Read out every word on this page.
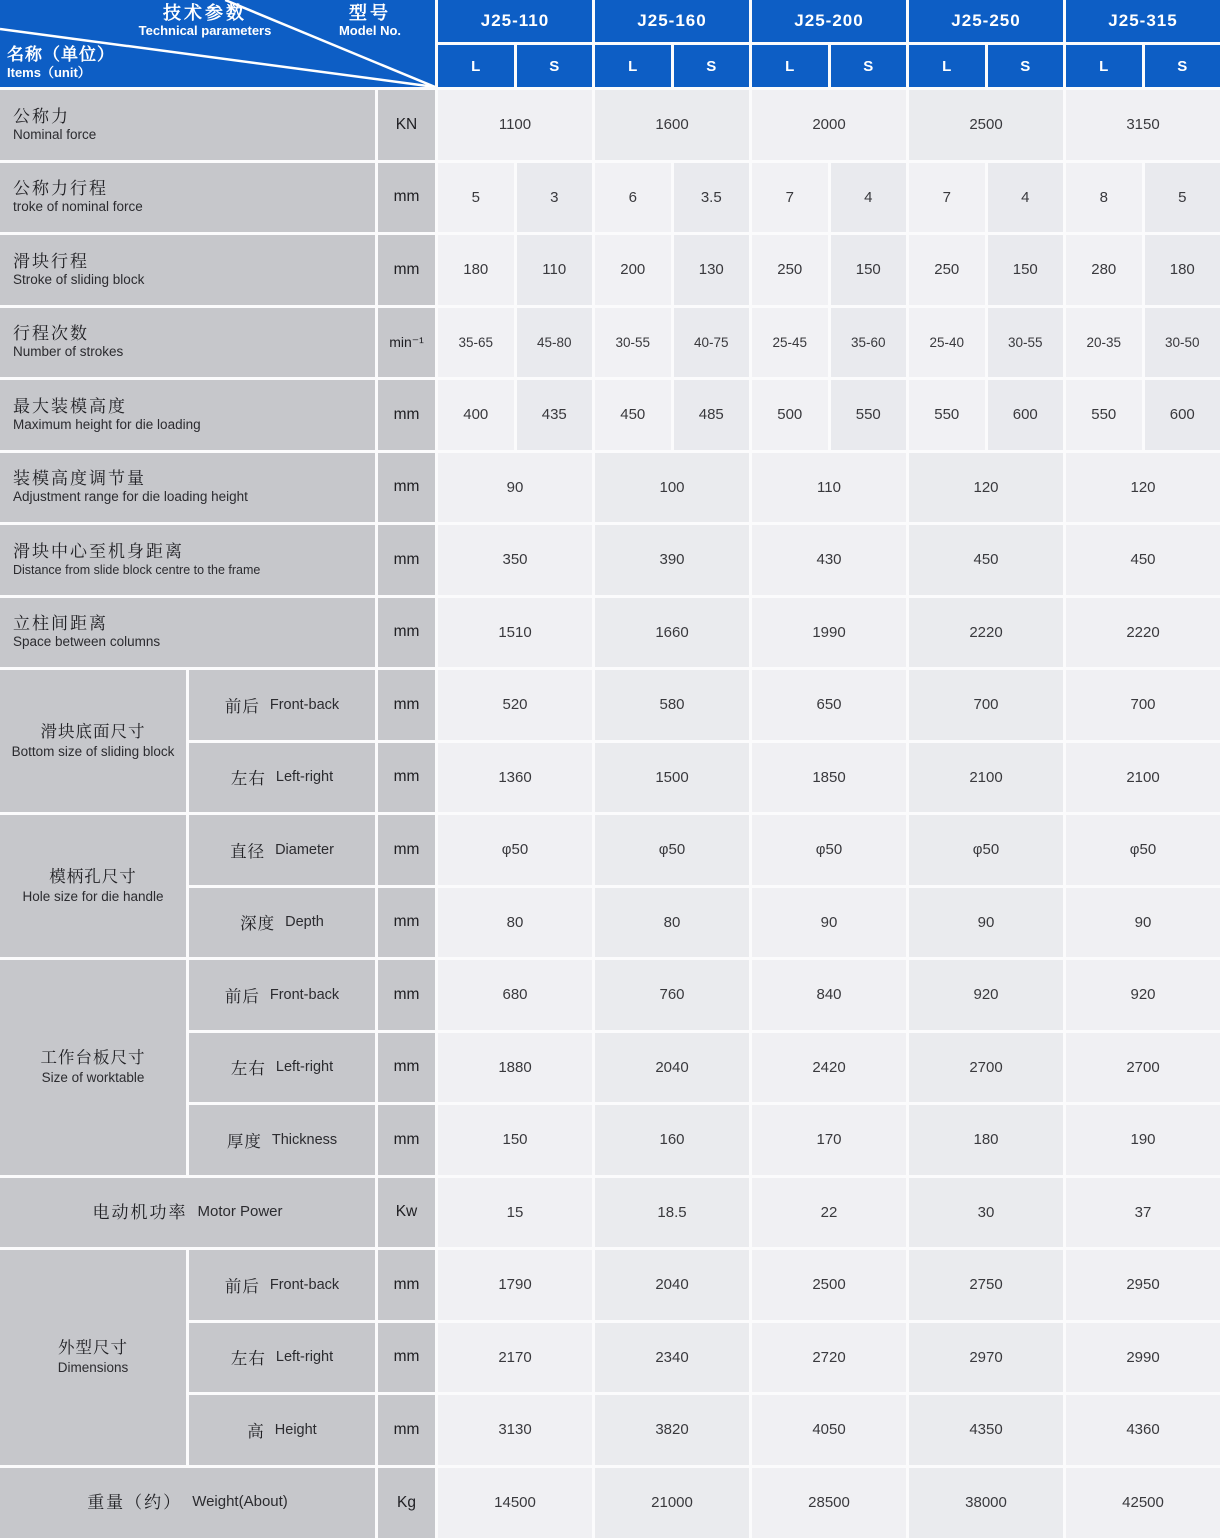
技术参数
Technical parameters
型号
Model No.
名称（单位）
Items（unit）
J25-110	J25-160	J25-200	J25-250	J25-315
L	S	L	S	L	S	L	S	L	S
公称力
Nominal force
KN	1100	1600	2000	2500	3150
公称力行程
troke of nominal force
mm	5	3	6	3.5	7	4	7	4	8	5
滑块行程
Stroke of sliding block
mm	180	110	200	130	250	150	250	150	280	180
行程次数
Number of strokes
min⁻¹	35-65	45-80	30-55	40-75	25-45	35-60	25-40	30-55	20-35	30-50
最大装模高度
Maximum height for die loading
mm	400	435	450	485	500	550	550	600	550	600
装模高度调节量
Adjustment range for die loading height
mm	90	100	110	120	120
滑块中心至机身距离
Distance from slide block centre to the frame
mm	350	390	430	450	450
立柱间距离
Space between columns
mm	1510	1660	1990	2220	2220
滑块底面尺寸
Bottom size of sliding block
前后 Front-back	mm	520	580	650	700	700
左右 Left-right	mm	1360	1500	1850	2100	2100
模柄孔尺寸
Hole size for die handle
直径 Diameter	mm	φ50	φ50	φ50	φ50	φ50
深度 Depth	mm	80	80	90	90	90
工作台板尺寸
Size of worktable
前后 Front-back	mm	680	760	840	920	920
左右 Left-right	mm	1880	2040	2420	2700	2700
厚度 Thickness	mm	150	160	170	180	190
电动机功率 Motor Power	Kw	15	18.5	22	30	37
外型尺寸
Dimensions
前后 Front-back	mm	1790	2040	2500	2750	2950
左右 Left-right	mm	2170	2340	2720	2970	2990
高 Height	mm	3130	3820	4050	4350	4360
重量（约） Weight(About)	Kg	14500	21000	28500	38000	42500
